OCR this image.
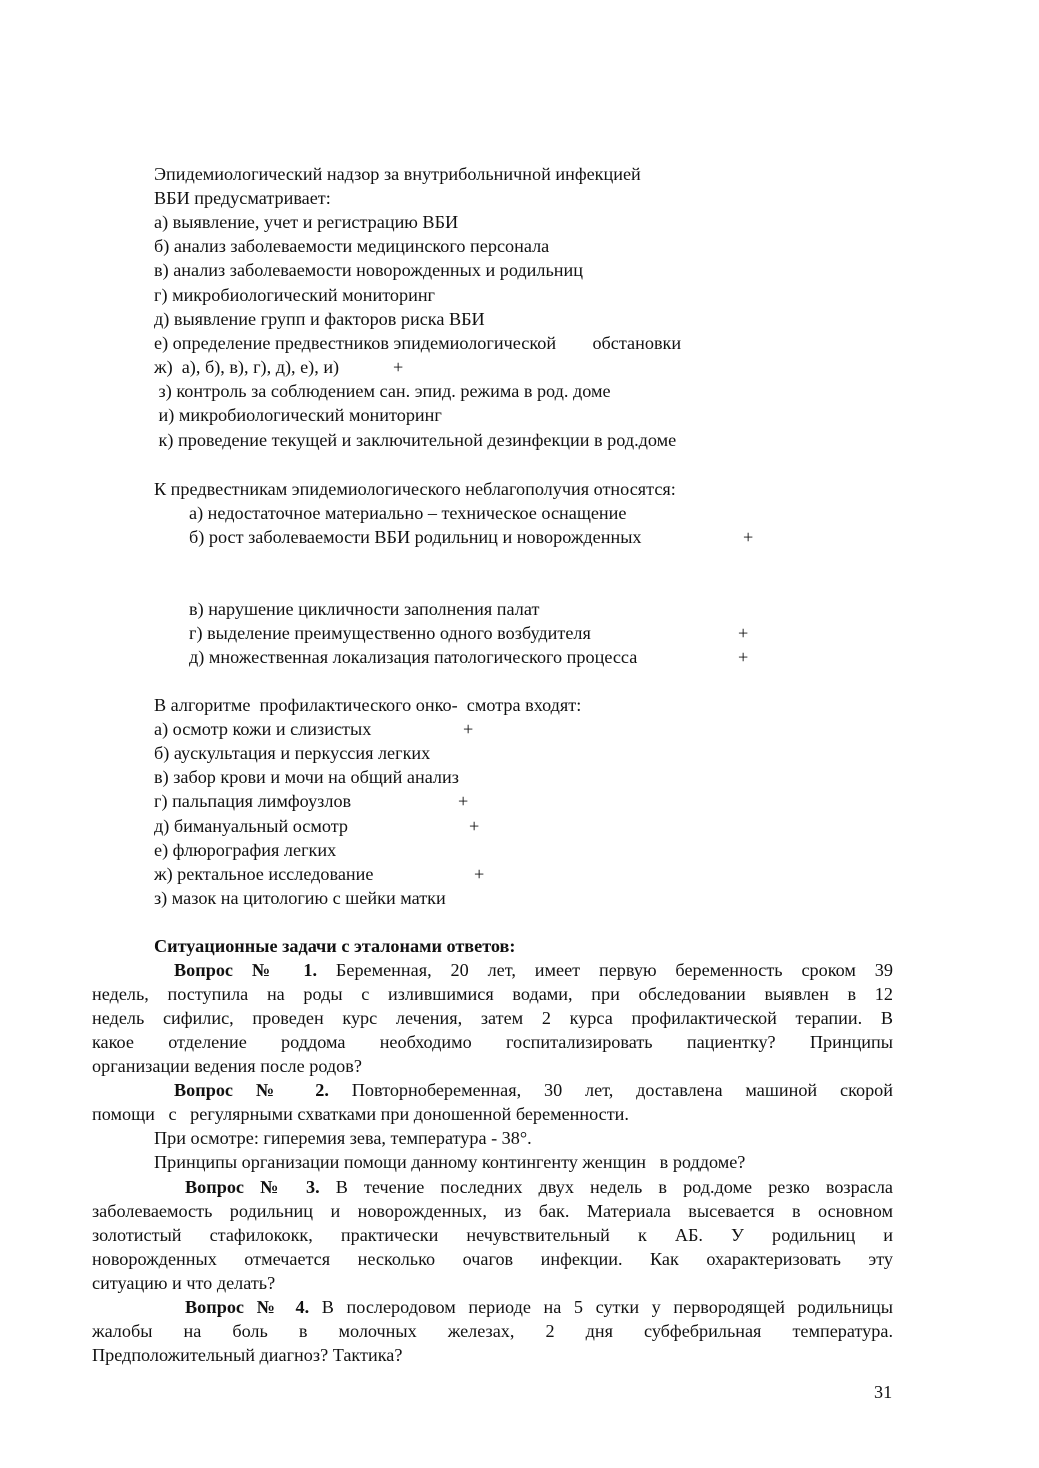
Эпидемиологический надзор за внутрибольничной инфекцией
ВБИ предусматривает:
а) выявление, учет и регистрацию ВБИ
б) анализ заболеваемости медицинского персонала
в) анализ заболеваемости новорожденных и родильниц
г) микробиологический мониторинг
д) выявление групп и факторов риска ВБИ
е) определение предвестников эпидемиологической        обстановки
ж)  а), б), в), г), д), е), и)	+
з) контроль за соблюдением сан. эпид. режима в род. доме
и) микробиологический мониторинг
к) проведение текущей и заключительной дезинфекции в род.доме
К предвестникам эпидемиологического неблагополучия относятся:
а) недостаточное материально – техническое оснащение
б) рост заболеваемости ВБИ родильниц и новорожденных	+
в) нарушение цикличности заполнения палат
г) выделение преимущественно одного возбудителя	+
д) множественная локализация патологического процесса	+
В алгоритме  профилактического онко-  смотра входят:
а) осмотр кожи и слизистых	+
б) аускультация и перкуссия легких
в) забор крови и мочи на общий анализ
г) пальпация лимфоузлов	+
д) бимануальный осмотр	+
е) флюрография легких
ж) ректальное исследование	+
з) мазок на цитологию с шейки матки
Ситуационные задачи с эталонами ответов:
Вопрос № 1. Беременная, 20 лет, имеет первую беременность сроком 39
недель, поступила на роды с излившимися водами, при обследовании выявлен в 12
недель сифилис, проведен курс лечения, затем 2 курса профилактической терапии. В
какое отделение роддома необходимо госпитализировать пациентку? Принципы
организации ведения после родов?
Вопрос № 2. Повторнобеременная, 30 лет, доставлена машиной скорой
помощи   с   регулярными схватками при доношенной беременности.
При осмотре: гиперемия зева, температура - 38°.
Принципы организации помощи данному контингенту женщин   в роддоме?
Вопрос № 3. В течение последних двух недель в род.доме резко возрасла
заболеваемость родильниц и новорожденных, из бак. Материала высевается в основном
золотистый стафилококк, практически нечувствительный к АБ. У родильниц и
новорожденных отмечается несколько очагов инфекции. Как охарактеризовать эту
ситуацию и что делать?
Вопрос № 4. В послеродовом периоде на 5 сутки у первородящей родильницы
жалобы на боль в молочных железах, 2 дня субфебрильная температура.
Предположительный диагноз? Тактика?
31
